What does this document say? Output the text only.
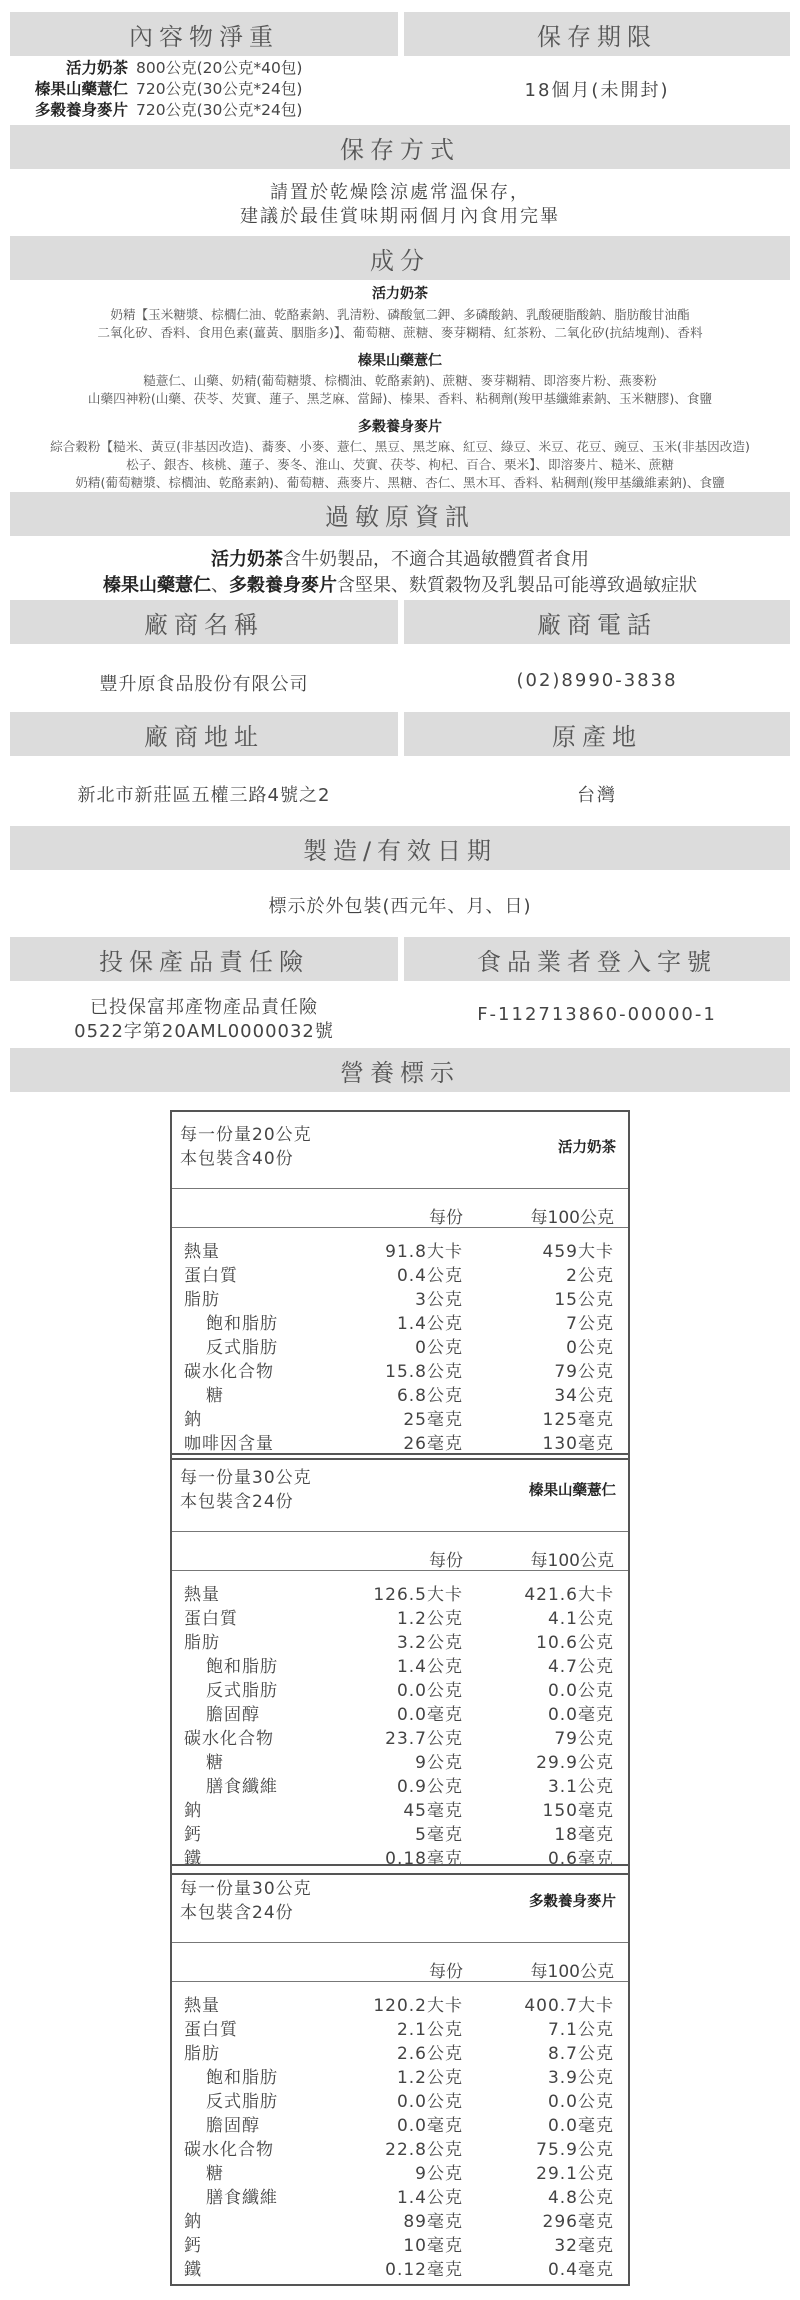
內容物淨重	保存期限
活力奶茶 800公克(20公克*40包)
榛果山藥薏仁 720公克(30公克*24包)
多穀養身麥片 720公克(30公克*24包)
18個月(未開封)
保存方式
請置於乾燥陰涼處常溫保存，
建議於最佳賞味期兩個月內食用完畢
成分
活力奶茶
奶精【玉米糖漿、棕櫚仁油、乾酪素鈉、乳清粉、磷酸氫二鉀、多磷酸鈉、乳酸硬脂酸鈉、脂肪酸甘油酯
二氧化矽、香料、食用色素(薑黃、胭脂多)】、葡萄糖、蔗糖、麥芽糊精、紅茶粉、二氧化矽(抗結塊劑)、香料
榛果山藥薏仁
糙薏仁、山藥、奶精(葡萄糖漿、棕櫚油、乾酪素鈉)、蔗糖、麥芽糊精、即溶麥片粉、燕麥粉
山藥四神粉(山藥、茯苓、芡實、蓮子、黑芝麻、當歸)、榛果、香料、粘稠劑(羧甲基纖維素鈉、玉米糖膠)、食鹽
多穀養身麥片
綜合穀粉【糙米、黃豆(非基因改造)、蕎麥、小麥、薏仁、黑豆、黑芝麻、紅豆、綠豆、米豆、花豆、豌豆、玉米(非基因改造)
松子、銀杏、核桃、蓮子、麥冬、淮山、芡實、茯苓、枸杞、百合、栗米】、即溶麥片、糙米、蔗糖
奶精(葡萄糖漿、棕櫚油、乾酪素鈉)、葡萄糖、燕麥片、黑糖、杏仁、黑木耳、香料、粘稠劑(羧甲基纖維素鈉)、食鹽
過敏原資訊
活力奶茶含牛奶製品，不適合其過敏體質者食用
榛果山藥薏仁、多穀養身麥片含堅果、麩質穀物及乳製品可能導致過敏症狀
廠商名稱	廠商電話
豐升原食品股份有限公司	(02)8990-3838
廠商地址	原產地
新北市新莊區五權三路4號之2	台灣
製造/有效日期
標示於外包裝(西元年、月、日)
投保產品責任險	食品業者登入字號
已投保富邦產物產品責任險
0522字第20AML0000032號
F-112713860-00000-1
營養標示
每一份量20公克
本包裝含40份
活力奶茶
每份	每100公克
熱量	91.8大卡	459大卡
蛋白質	0.4公克	2公克
脂肪	3公克	15公克
飽和脂肪	1.4公克	7公克
反式脂肪	0公克	0公克
碳水化合物	15.8公克	79公克
糖	6.8公克	34公克
鈉	25毫克	125毫克
咖啡因含量	26毫克	130毫克
每一份量30公克
本包裝含24份
榛果山藥薏仁
每份	每100公克
熱量	126.5大卡	421.6大卡
蛋白質	1.2公克	4.1公克
脂肪	3.2公克	10.6公克
飽和脂肪	1.4公克	4.7公克
反式脂肪	0.0公克	0.0公克
膽固醇	0.0毫克	0.0毫克
碳水化合物	23.7公克	79公克
糖	9公克	29.9公克
膳食纖維	0.9公克	3.1公克
鈉	45毫克	150毫克
鈣	5毫克	18毫克
鐵	0.18毫克	0.6毫克
每一份量30公克
本包裝含24份
多穀養身麥片
每份	每100公克
熱量	120.2大卡	400.7大卡
蛋白質	2.1公克	7.1公克
脂肪	2.6公克	8.7公克
飽和脂肪	1.2公克	3.9公克
反式脂肪	0.0公克	0.0公克
膽固醇	0.0毫克	0.0毫克
碳水化合物	22.8公克	75.9公克
糖	9公克	29.1公克
膳食纖維	1.4公克	4.8公克
鈉	89毫克	296毫克
鈣	10毫克	32毫克
鐵	0.12毫克	0.4毫克
